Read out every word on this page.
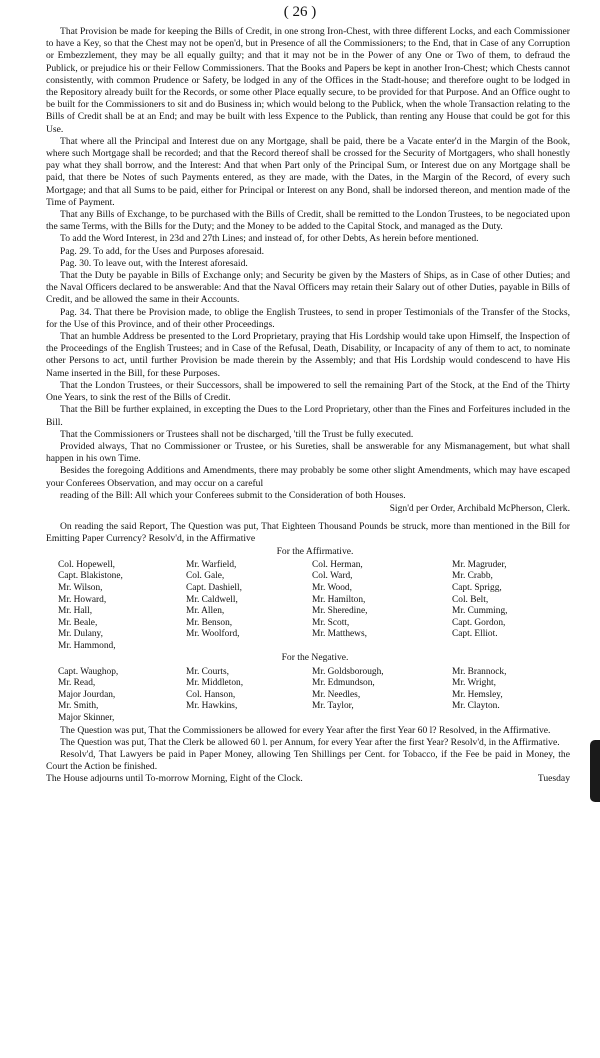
( 26 )

That Provision be made for keeping the Bills of Credit, in one strong Iron-Chest, with three different Locks, and each Commissioner to have a Key, so that the Chest may not be open'd, but in Presence of all the Commissioners; to the End, that in Case of any Corruption or Embezzlement, they may be all equally guilty; and that it may not be in the Power of any One or Two of them, to defraud the Publick, or prejudice his or their Fellow Commissioners. That the Books and Papers be kept in another Iron-Chest; which Chests cannot consistently, with common Prudence or Safety, be lodged in any of the Offices in the Stadt-house; and therefore ought to be lodged in the Repository already built for the Records, or some other Place equally secure, to be provided for that Purpose. And an Office ought to be built for the Commissioners to sit and do Business in; which would belong to the Publick, when the whole Transaction relating to the Bills of Credit shall be at an End; and may be built with less Expence to the Publick, than renting any House that could be got for this Use.

That where all the Principal and Interest due on any Mortgage, shall be paid, there be a Vacate enter'd in the Margin of the Book, where such Mortgage shall be recorded; and that the Record thereof shall be crossed for the Security of Mortgagers, who shall honestly pay what they shall borrow, and the Interest: And that when Part only of the Principal Sum, or Interest due on any Mortgage shall be paid, that there be Notes of such Payments entered, as they are made, with the Dates, in the Margin of the Record, of every such Mortgage; and that all Sums to be paid, either for Principal or Interest on any Bond, shall be indorsed thereon, and mention made of the Time of Payment.

That any Bills of Exchange, to be purchased with the Bills of Credit, shall be remitted to the London Trustees, to be negociated upon the same Terms, with the Bills for the Duty; and the Money to be added to the Capital Stock, and managed as the Duty.

To add the Word Interest, in 23d and 27th Lines; and instead of, for other Debts, As herein before mentioned.

Pag. 29. To add, for the Uses and Purposes aforesaid.

Pag. 30. To leave out, with the Interest aforesaid.

That the Duty be payable in Bills of Exchange only; and Security be given by the Masters of Ships, as in Case of other Duties; and the Naval Officers declared to be answerable: And that the Naval Officers may retain their Salary out of other Duties, payable in Bills of Credit, and be allowed the same in their Accounts.

Pag. 34. That there be Provision made, to oblige the English Trustees, to send in proper Testimonials of the Transfer of the Stocks, for the Use of this Province, and of their other Proceedings.

That an humble Address be presented to the Lord Proprietary, praying that His Lordship would take upon Himself, the Inspection of the Proceedings of the English Trustees; and in Case of the Refusal, Death, Disability, or Incapacity of any of them to act, to nominate other Persons to act, until further Provision be made therein by the Assembly; and that His Lordship would condescend to have His Name inserted in the Bill, for these Purposes.

That the London Trustees, or their Successors, shall be impowered to sell the remaining Part of the Stock, at the End of the Thirty One Years, to sink the rest of the Bills of Credit.

That the Bill be further explained, in excepting the Dues to the Lord Proprietary, other than the Fines and Forfeitures included in the Bill.

That the Commissioners or Trustees shall not be discharged, 'till the Trust be fully executed.

Provided always, That no Commissioner or Trustee, or his Sureties, shall be answerable for any Mismanagement, but what shall happen in his own Time.

Besides the foregoing Additions and Amendments, there may probably be some other slight Amendments, which may have escaped your Conferees Observation, and may occur on a careful

reading of the Bill: All which your Conferees submit to the Consideration of both Houses.

Sign'd per Order, Archibald McPherson, Clerk.

On reading the said Report, The Question was put, That Eighteen Thousand Pounds be struck, more than mentioned in the Bill for Emitting Paper Currency? Resolv'd, in the Affirmative

For the Affirmative.

Col. Hopewell,
Capt. Blakistone,
Mr. Wilson,
Mr. Howard,
Mr. Hall,
Mr. Beale,
Mr. Dulany,
Mr. Hammond,
Mr. Warfield,
Col. Gale,
Capt. Dashiell,
Mr. Caldwell,
Mr. Allen,
Mr. Benson,
Mr. Woolford,
Col. Herman,
Col. Ward,
Mr. Wood,
Mr. Hamilton,
Mr. Sheredine,
Mr. Scott,
Mr. Matthews,
Mr. Magruder,
Mr. Crabb,
Capt. Sprigg,
Col. Belt,
Mr. Cumming,
Capt. Gordon,
Capt. Elliot.

For the Negative.

Capt. Waughop,
Mr. Read,
Major Jourdan,
Mr. Smith,
Major Skinner,
Mr. Courts,
Mr. Middleton,
Col. Hanson,
Mr. Hawkins,
Mr. Goldsborough,
Mr. Edmundson,
Mr. Needles,
Mr. Taylor,
Mr. Brannock,
Mr. Wright,
Mr. Hemsley,
Mr. Clayton.

The Question was put, That the Commissioners be allowed for every Year after the first Year 60 l? Resolved, in the Affirmative.

The Question was put, That the Clerk be allowed 60 l. per Annum, for every Year after the first Year? Resolv'd, in the Affirmative.

Resolv'd, That Lawyers be paid in Paper Money, allowing Ten Shillings per Cent. for Tobacco, if the Fee be paid in Money, the Court the Action be finished.

The House adjourns until To-morrow Morning, Eight of the Clock.	Tuesday
